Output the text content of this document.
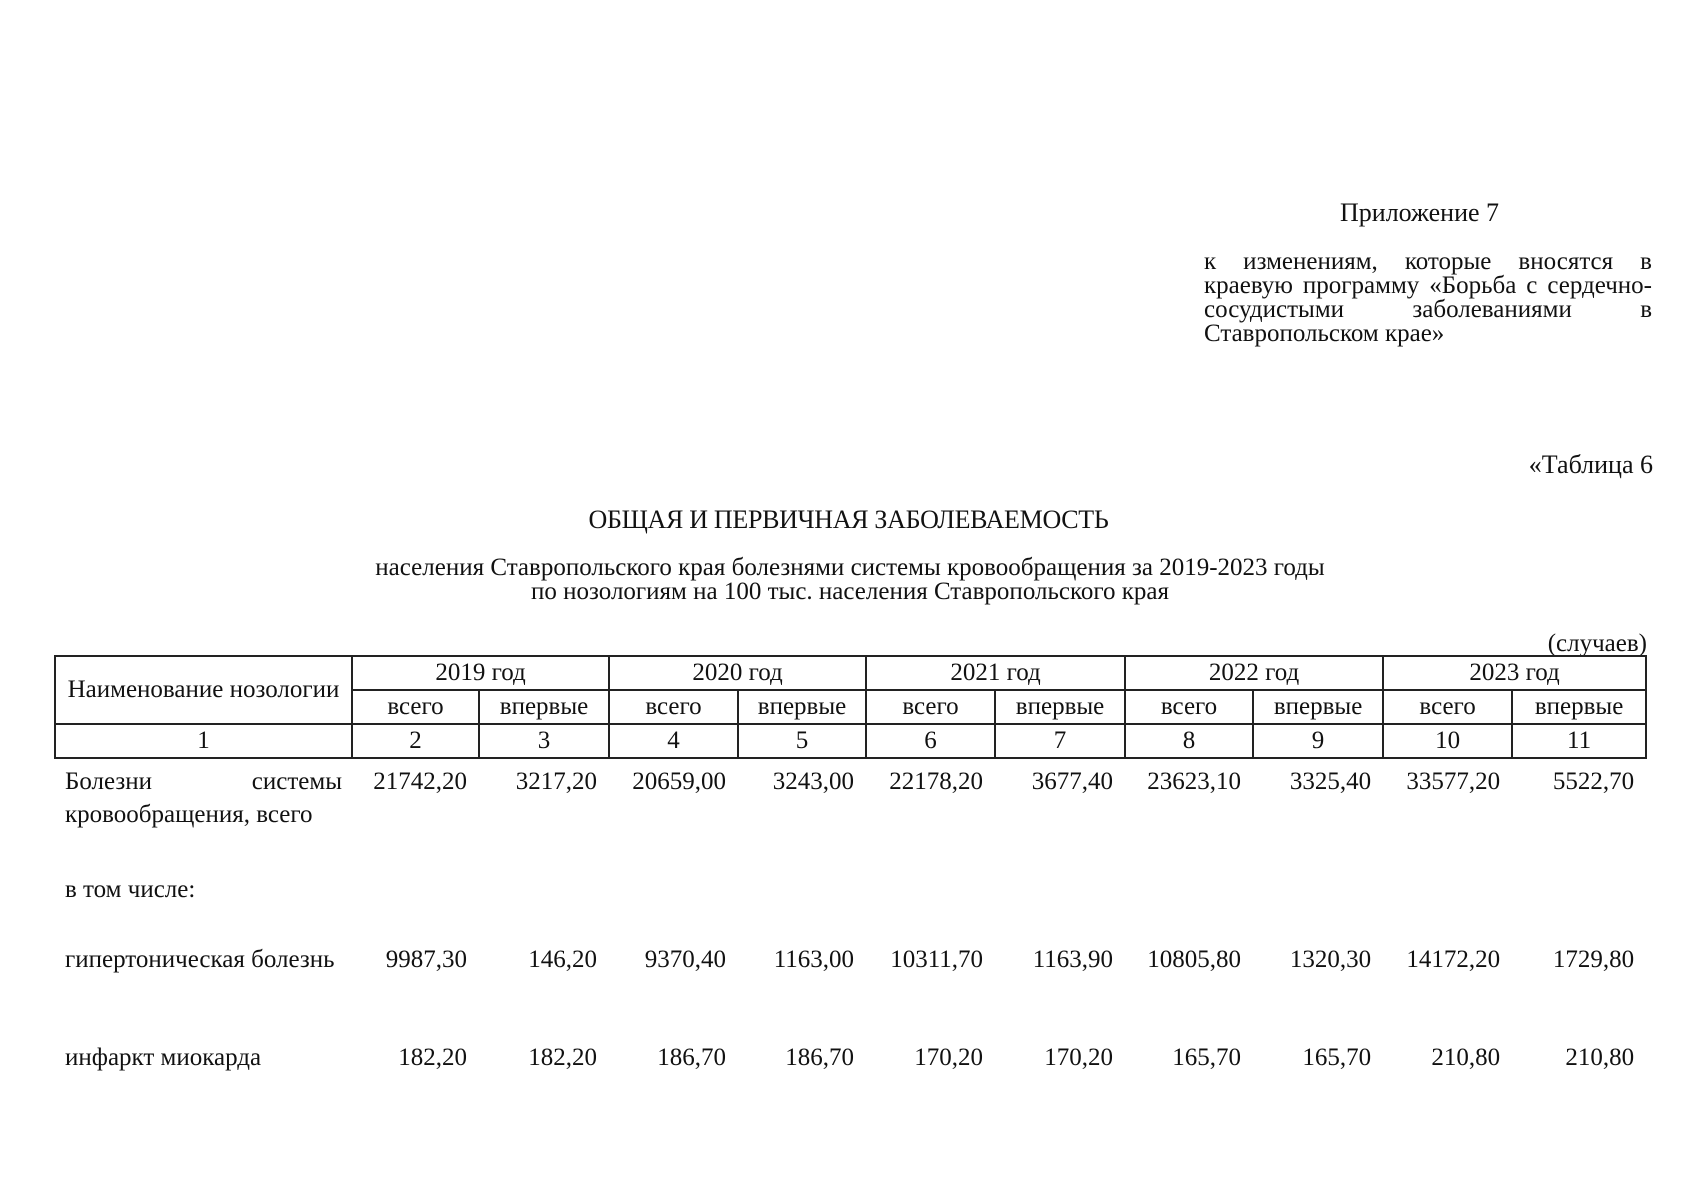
Приложение 7
к изменениям, которые вносятся в краевую программу «Борьба с сердечно-сосудистыми заболеваниями в Ставропольском крае»
«Таблица 6
ОБЩАЯ И ПЕРВИЧНАЯ ЗАБОЛЕВАЕМОСТЬ
населения Ставропольского края болезнями системы кровообращения за 2019-2023 годы
по нозологиям на 100 тыс. населения Ставропольского края
(случаев)
Наименование нозологии	2019 год		2020 год		2021 год		2022 год		2023 год	
	всего	впервые	всего	впервые	всего	впервые	всего	впервые	всего	впервые
1	2	3	4	5	6	7	8	9	10	11
Болезни системы кровообращения, всего	21742,20	3217,20	20659,00	3243,00	22178,20	3677,40	23623,10	3325,40	33577,20	5522,70
в том числе:										
гипертоническая болезнь	9987,30	146,20	9370,40	1163,00	10311,70	1163,90	10805,80	1320,30	14172,20	1729,80
инфаркт миокарда	182,20	182,20	186,70	186,70	170,20	170,20	165,70	165,70	210,80	210,80
